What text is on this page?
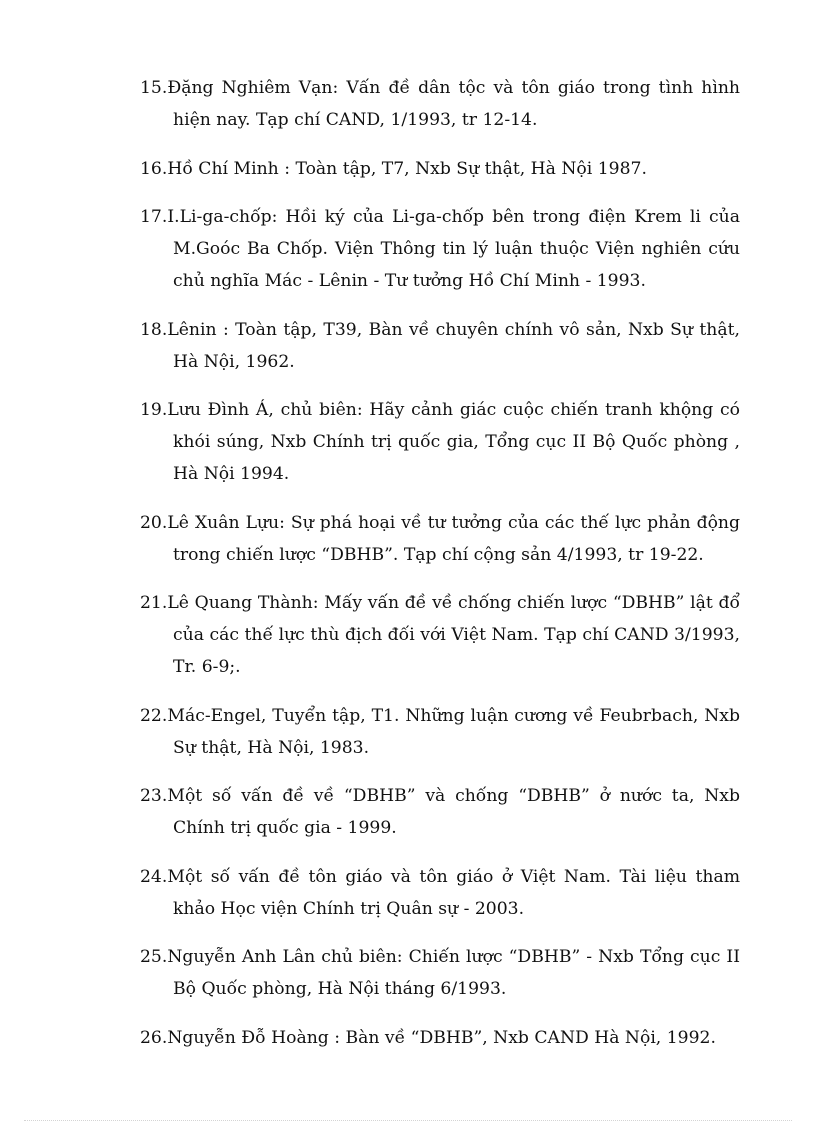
15.Đặng Nghiêm Vạn: Vấn đề dân tộc và tôn giáo trong tình hình hiện nay. Tạp chí CAND, 1/1993, tr 12-14.
16.Hồ Chí Minh : Toàn tập, T7, Nxb Sự thật, Hà Nội 1987.
17.I.Li-ga-chốp: Hồi ký của Li-ga-chốp bên trong điện Krem li của M.Goóc Ba Chốp. Viện Thông tin lý luận thuộc Viện nghiên cứu chủ nghĩa Mác - Lênin - Tư tưởng Hồ Chí Minh - 1993.
18.Lênin : Toàn tập, T39, Bàn về chuyên chính vô sản, Nxb Sự thật, Hà Nội, 1962.
19.Lưu Đình Á, chủ biên: Hãy cảnh giác cuộc chiến tranh khộng có khói súng, Nxb Chính trị quốc gia, Tổng cục II Bộ Quốc phòng , Hà Nội 1994.
20.Lê Xuân Lựu: Sự phá hoại về tư tưởng của các thế lực phản động trong chiến lược “DBHB”. Tạp chí cộng sản 4/1993, tr 19-22.
21.Lê Quang Thành: Mấy vấn đề về chống chiến lược “DBHB” lật đổ của các thế lực thù địch đối với Việt Nam. Tạp chí CAND 3/1993, Tr. 6-9;.
22.Mác-Engel, Tuyển tập, T1. Những luận cương về Feubrbach, Nxb Sự thật, Hà Nội, 1983.
23.Một số vấn đề về “DBHB” và chống “DBHB” ở nước ta, Nxb Chính trị quốc gia - 1999.
24.Một số vấn đề tôn giáo và tôn giáo ở Việt Nam. Tài liệu tham khảo Học viện Chính trị Quân sự - 2003.
25.Nguyễn Anh Lân chủ biên: Chiến lược “DBHB” - Nxb Tổng cục II Bộ Quốc phòng, Hà Nội tháng 6/1993.
26.Nguyễn Đỗ Hoàng : Bàn về “DBHB”, Nxb CAND Hà Nội, 1992.
